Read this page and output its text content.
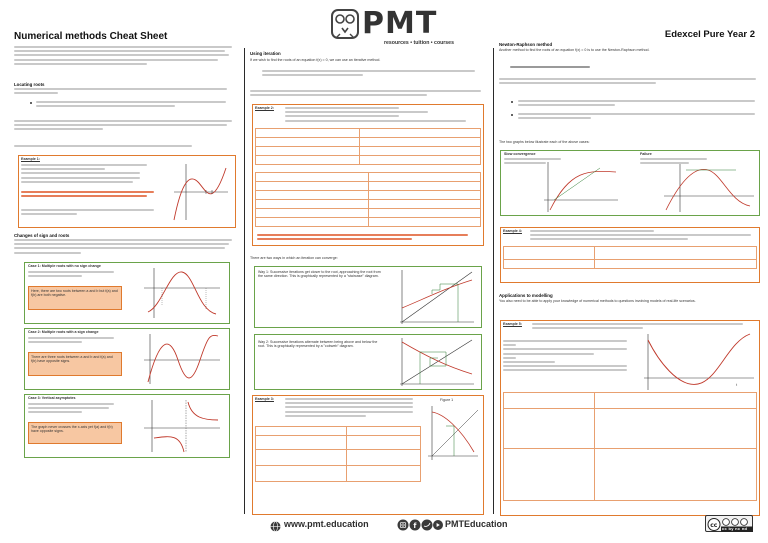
Numerical methods Cheat Sheet	PMT
resources • tuition • courses
Edexcel Pure Year 2
Locating roots
Example 1:
Changes of sign and roots
Case 1: Multiple roots with no sign change
Here, there are two roots between a and b but f(a) and f(b) are both negative.
Case 2: Multiple roots with a sign change
There are three roots between a and b and f(a) and f(b) have opposite signs.
Case 3: Vertical asymptotes
The graph never crosses the x-axis yet f(a) and f(b) have opposite signs.
Using iteration
If we wish to find the roots of an equation f(x) = 0, we can use an iterative method.
Example 2:

There are two ways in which an iteration can converge:
Way 1: Successive iterations get closer to the root, approaching the root from the same direction. This is graphically represented by a "staircase" diagram.
Way 2: Successive iterations alternate between being above and below the root. This is graphically represented by a "cobweb" diagram.
Example 3:	Figure 1

Newton-Raphson method
Another method to find the roots of an equation f(x) = 0 is to use the Newton-Raphson method.
The two graphs below illustrate each of the above cases:
Slow convergence	Failure
Example 4:

Applications to modelling
You also need to be able to apply your knowledge of numerical methods to questions involving models of real-life scenarios.
Example 5:
t

www.pmt.education	f	PMTEducation	cc cc by nc nd
